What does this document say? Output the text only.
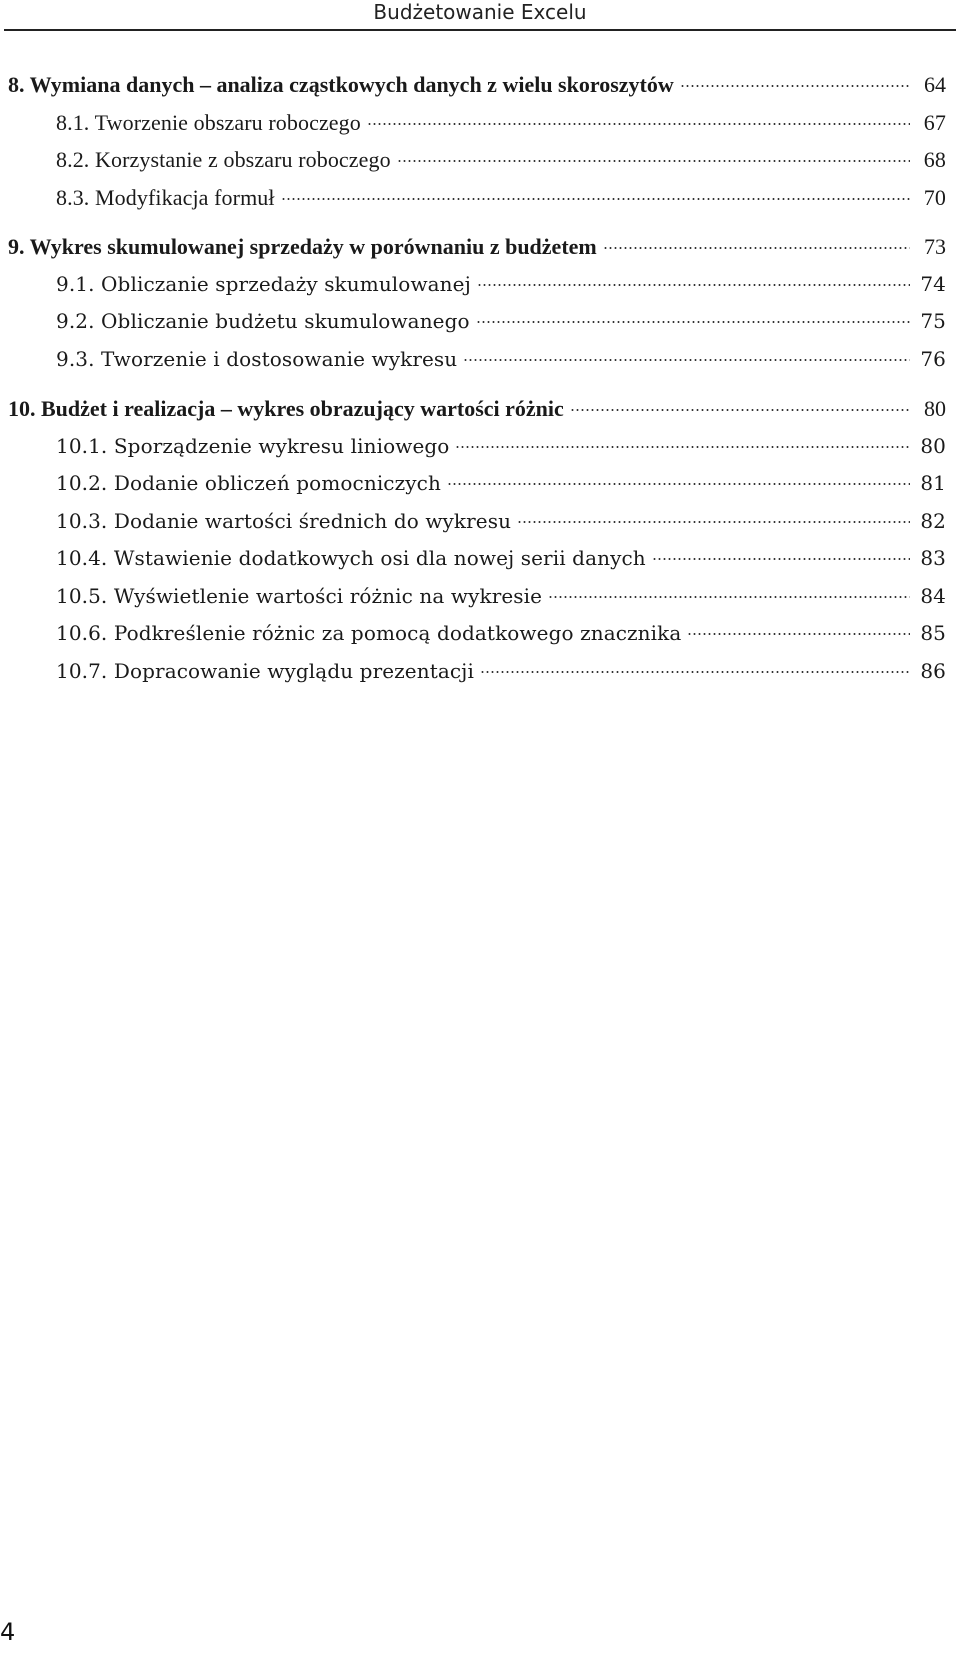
Budżetowanie Excelu
8. Wymiana danych – analiza cząstkowych danych z wielu skoroszytów	64
8.1. Tworzenie obszaru roboczego	67
8.2. Korzystanie z obszaru roboczego	68
8.3. Modyfikacja formuł	70
9. Wykres skumulowanej sprzedaży w porównaniu z budżetem	73
9.1. Obliczanie sprzedaży skumulowanej	74
9.2. Obliczanie budżetu skumulowanego	75
9.3. Tworzenie i dostosowanie wykresu	76
10. Budżet i realizacja – wykres obrazujący wartości różnic	80
10.1. Sporządzenie wykresu liniowego	80
10.2. Dodanie obliczeń pomocniczych	81
10.3. Dodanie wartości średnich do wykresu	82
10.4. Wstawienie dodatkowych osi dla nowej serii danych	83
10.5. Wyświetlenie wartości różnic na wykresie	84
10.6. Podkreślenie różnic za pomocą dodatkowego znacznika	85
10.7. Dopracowanie wyglądu prezentacji	86
4
